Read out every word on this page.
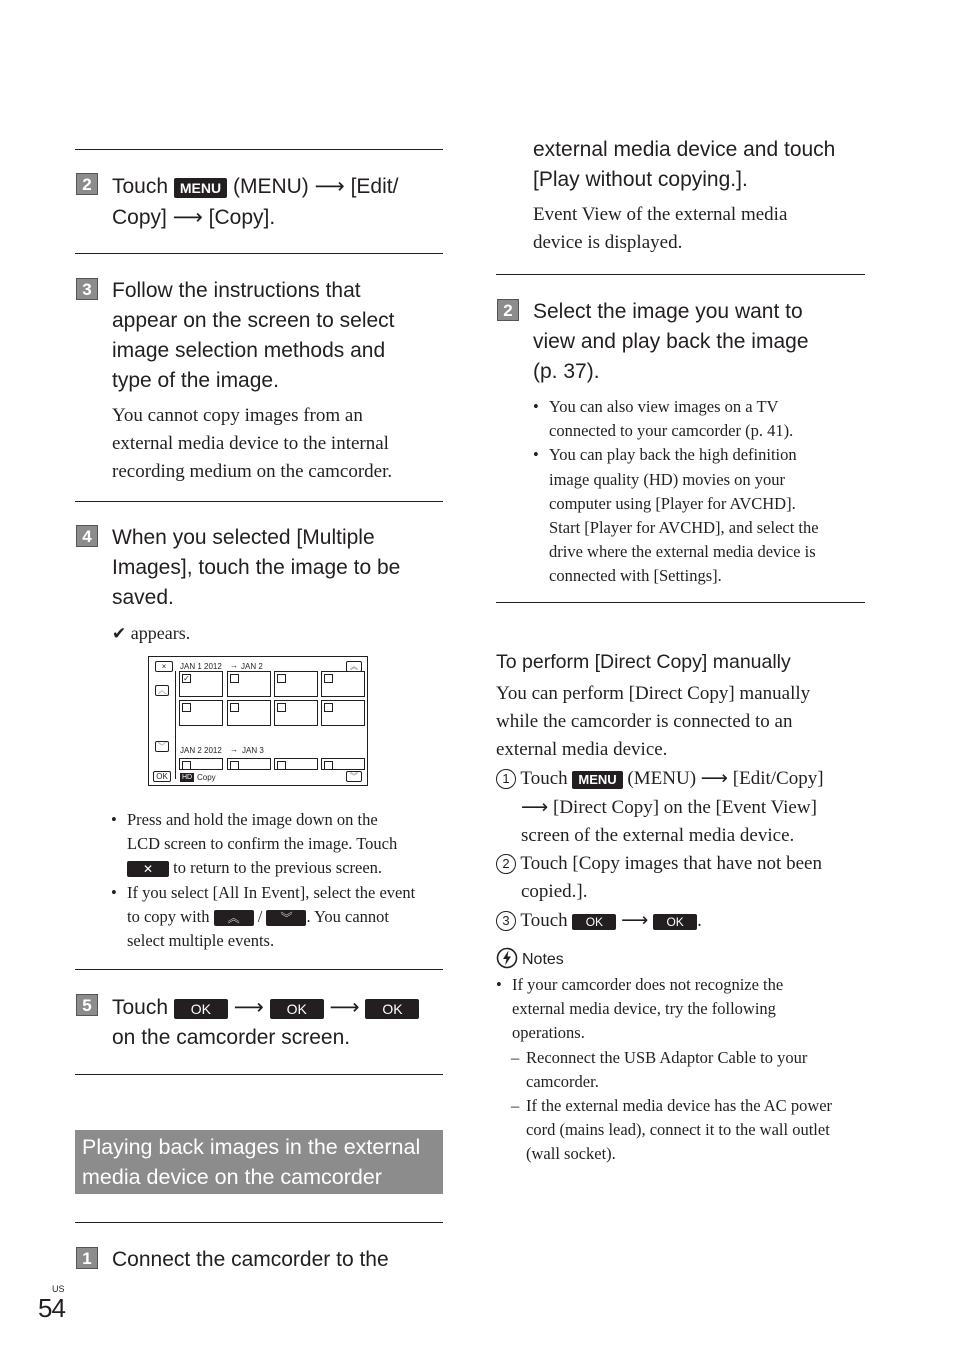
2 Touch MENU (MENU) ⟶ [Edit/
Copy] ⟶ [Copy].
3 Follow the instructions that
appear on the screen to select
image selection methods and
type of the image.
You cannot copy images from an
external media device to the internal
recording medium on the camcorder.
4 When you selected [Multiple
Images], touch the image to be
saved.
✔ appears.
×	JAN 1 2012 → JAN 2	︽
︿
﹀
OK
✓
JAN 2 2012 → JAN 3
HD Copy	︾
• Press and hold the image down on the
LCD screen to confirm the image. Touch
✕ to return to the previous screen.
• If you select [All In Event], select the event
to copy with ︽ / ︾ . You cannot
select multiple events.
5 Touch OK ⟶ OK ⟶ OK
on the camcorder screen.
Playing back images in the external
media device on the camcorder
1 Connect the camcorder to the
external media device and touch
[Play without copying.].
Event View of the external media
device is displayed.
2 Select the image you want to
view and play back the image
(p. 37).
• You can also view images on a TV
connected to your camcorder (p. 41).
• You can play back the high definition
image quality (HD) movies on your
computer using [Player for AVCHD].
Start [Player for AVCHD], and select the
drive where the external media device is
connected with [Settings].
To perform [Direct Copy] manually
You can perform [Direct Copy] manually
while the camcorder is connected to an
external media device.
1 Touch MENU (MENU) ⟶ [Edit/Copy]
⟶ [Direct Copy] on the [Event View]
screen of the external media device.
2 Touch [Copy images that have not been
copied.].
3 Touch OK ⟶ OK .
Notes
• If your camcorder does not recognize the
external media device, try the following
operations.
– Reconnect the USB Adaptor Cable to your
camcorder.
– If the external media device has the AC power
cord (mains lead), connect it to the wall outlet
(wall socket).
US
54
